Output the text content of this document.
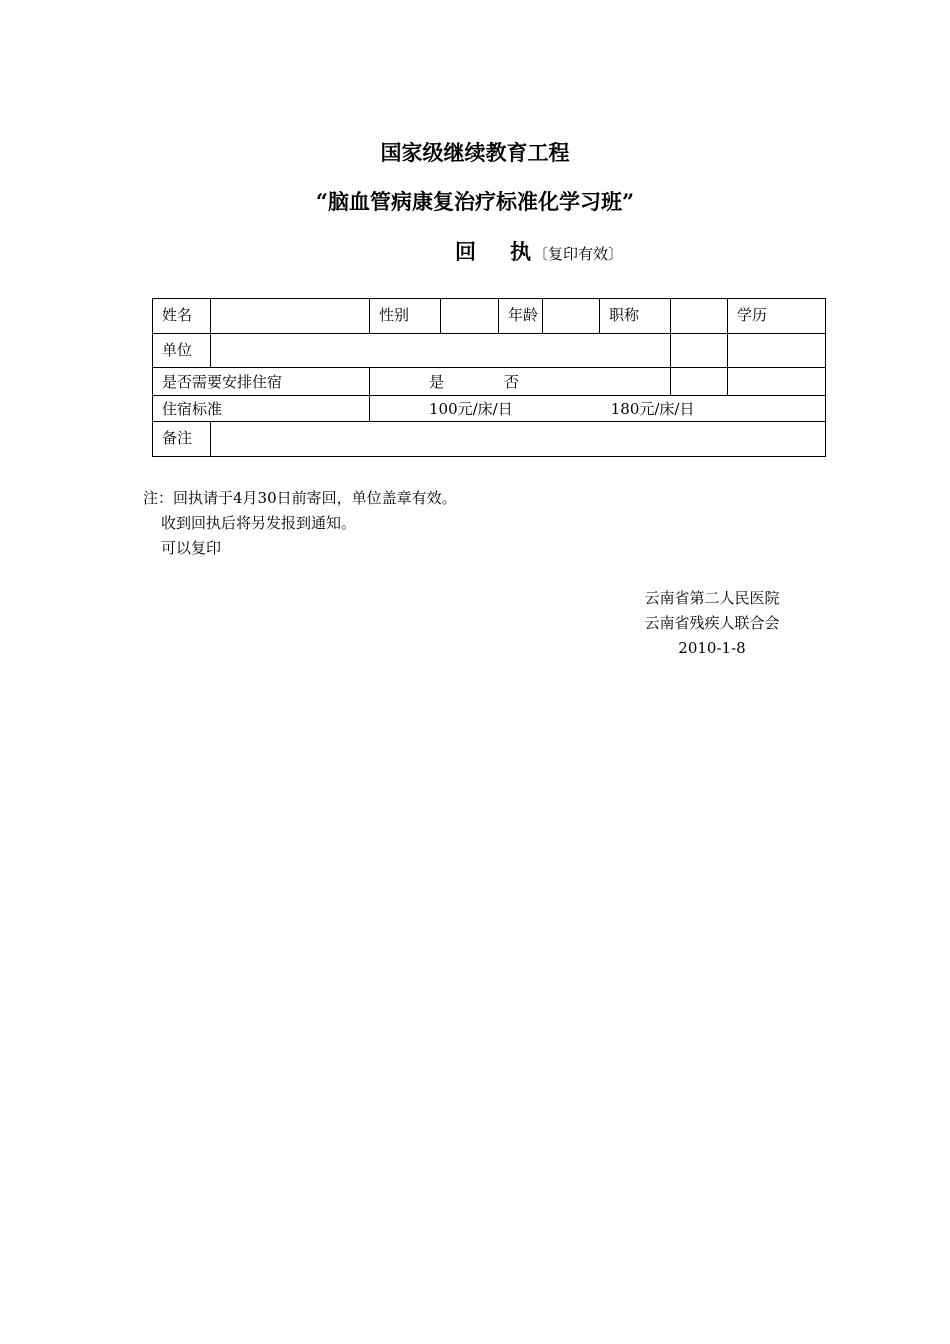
国家级继续教育工程
“脑血管病康复治疗标准化学习班”
回 执 〔复印有效〕
姓名		性别		年龄		职称		学历	
单位									
是否需要安排住宿		是 否							
住宿标准		100元/床/日 180元/床/日							
备注									
注：回执请于4月30日前寄回，单位盖章有效。
收到回执后将另发报到通知。
可以复印
云南省第二人民医院
云南省残疾人联合会
2010-1-8
